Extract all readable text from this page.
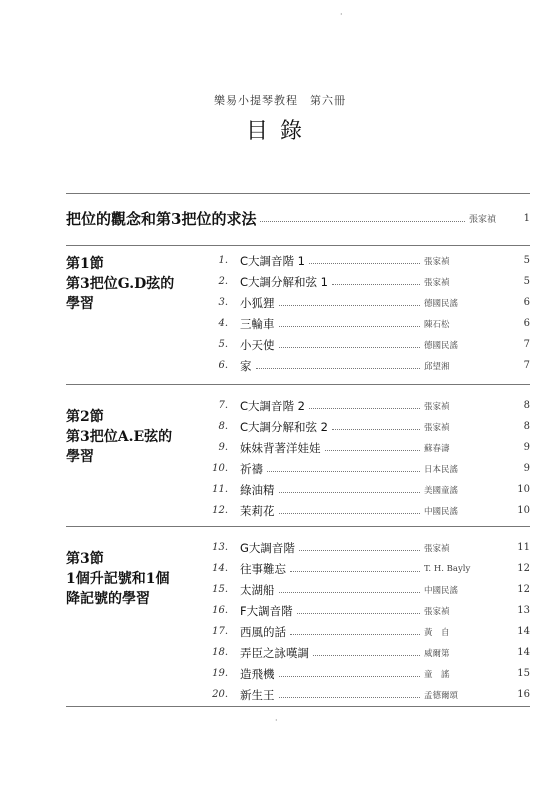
·
樂易小提琴教程　第六冊
目錄
把位的觀念和第3把位的求法	張家禎	1
第1節
第3把位G.D弦的
學習
1. C大調音階 1	張家禎	5
2. C大調分解和弦 1	張家禎	5
3. 小狐狸	德國民謠	6
4. 三輪車	陳石松	6
5. 小天使	德國民謠	7
6. 家	邱望湘	7
第2節
第3把位A.E弦的
學習
7. C大調音階 2	張家禎	8
8. C大調分解和弦 2	張家禎	8
9. 妹妹背著洋娃娃	蘇春濤	9
10. 祈禱	日本民謠	9
11. 綠油精	美國童謠	10
12. 茉莉花	中國民謠	10
第3節
1個升記號和1個
降記號的學習
13. G大調音階	張家禎	11
14. 往事難忘	T. H. Bayly	12
15. 太湖船	中國民謠	12
16. F大調音階	張家禎	13
17. 西風的話	黃　自	14
18. 弄臣之詠嘆調	威爾第	14
19. 造飛機	童　謠	15
20. 新生王	孟德爾頌	16
·
